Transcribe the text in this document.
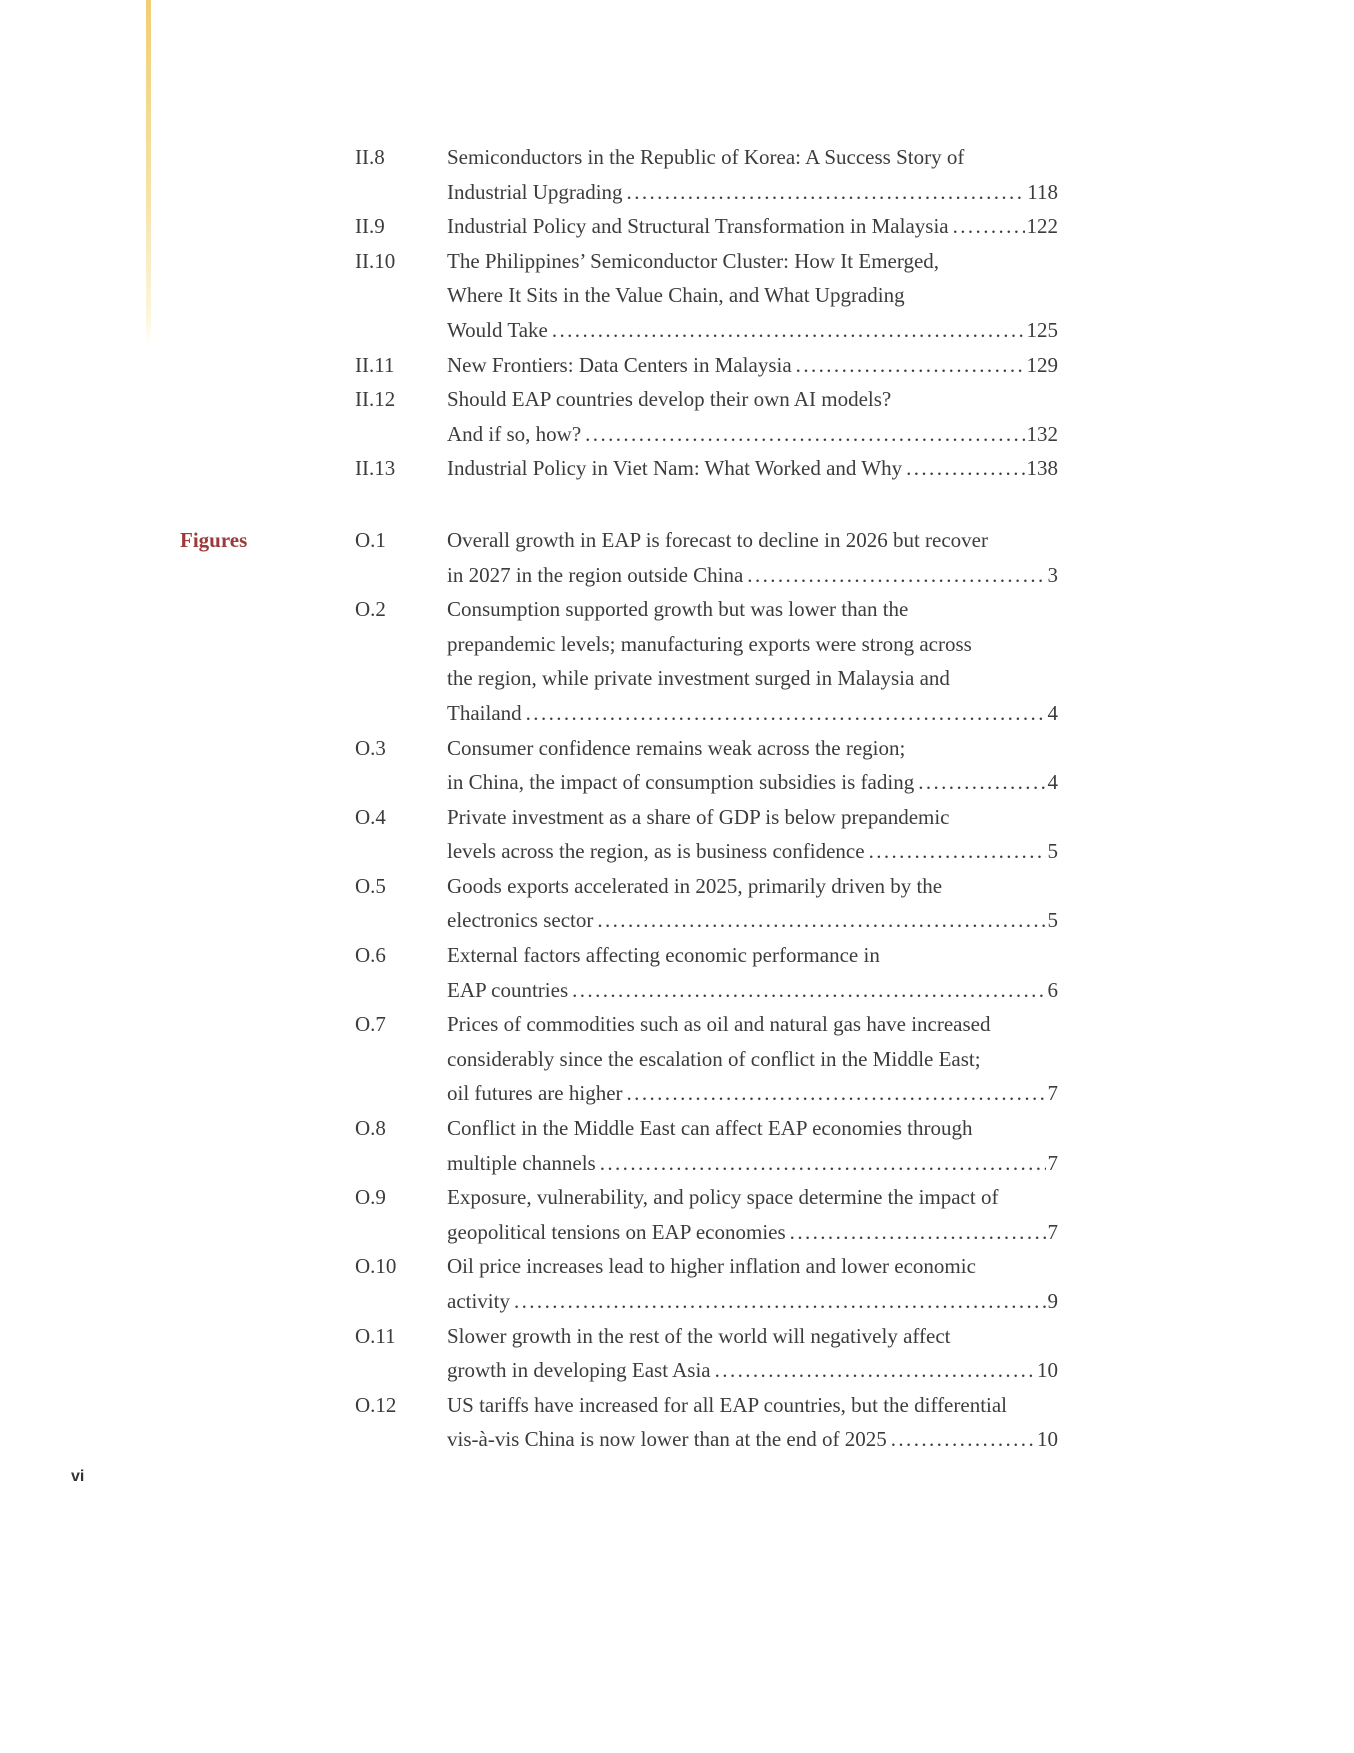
II.8	Semiconductors in the Republic of Korea: A Success Story of
Industrial Upgrading .....	118
II.9	Industrial Policy and Structural Transformation in Malaysia .....	122
II.10	The Philippines’ Semiconductor Cluster: How It Emerged,
Where It Sits in the Value Chain, and What Upgrading
Would Take .....	125
II.11	New Frontiers: Data Centers in Malaysia .....	129
II.12	Should EAP countries develop their own AI models?
And if so, how? .....	132
II.13	Industrial Policy in Viet Nam: What Worked and Why .....	138
Figures	O.1	Overall growth in EAP is forecast to decline in 2026 but recover
in 2027 in the region outside China .....	3
O.2	Consumption supported growth but was lower than the
prepandemic levels; manufacturing exports were strong across
the region, while private investment surged in Malaysia and
Thailand .....	4
O.3	Consumer confidence remains weak across the region;
in China, the impact of consumption subsidies is fading .....	4
O.4	Private investment as a share of GDP is below prepandemic
levels across the region, as is business confidence .....	5
O.5	Goods exports accelerated in 2025, primarily driven by the
electronics sector .....	5
O.6	External factors affecting economic performance in
EAP countries .....	6
O.7	Prices of commodities such as oil and natural gas have increased
considerably since the escalation of conflict in the Middle East;
oil futures are higher .....	7
O.8	Conflict in the Middle East can affect EAP economies through
multiple channels .....	7
O.9	Exposure, vulnerability, and policy space determine the impact of
geopolitical tensions on EAP economies .....	7
O.10	Oil price increases lead to higher inflation and lower economic
activity .....	9
O.11	Slower growth in the rest of the world will negatively affect
growth in developing East Asia .....	10
O.12	US tariffs have increased for all EAP countries, but the differential
vis-à-vis China is now lower than at the end of 2025 .....	10
vi
